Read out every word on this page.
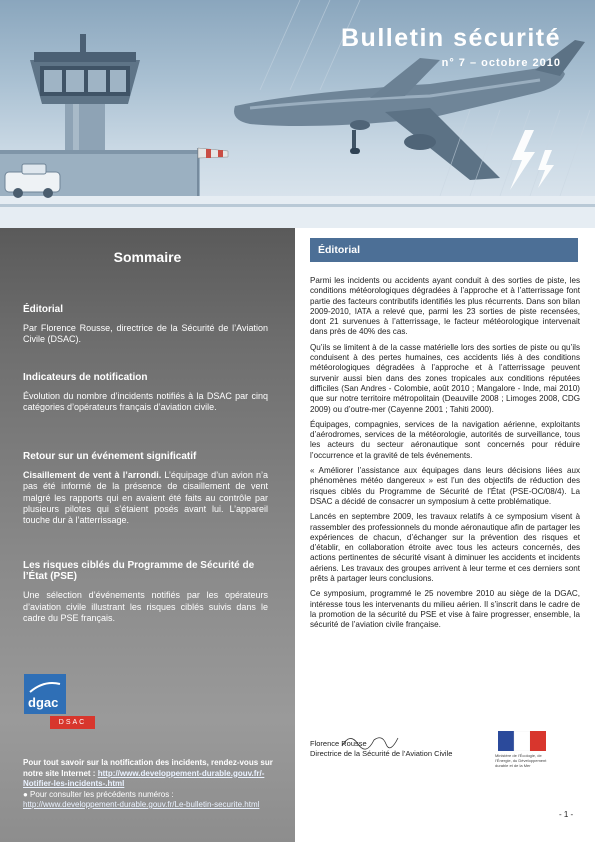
Bulletin sécurité
n° 7 – octobre 2010
Sommaire
Éditorial

Par Florence Rousse, directrice de la Sécurité de l’Aviation Civile (DSAC).

Indicateurs de notification

Évolution du nombre d’incidents notifiés à la DSAC par cinq catégories d’opérateurs français d’aviation civile.

Retour sur un événement significatif

Cisaillement de vent à l’arrondi. L’équipage d’un avion n’a pas été informé de la présence de cisaillement de vent malgré les rapports qui en avaient été faits au contrôle par plusieurs pilotes qui s’étaient posés avant lui. L’appareil touche dur à l’atterrissage.

Les risques ciblés du Programme de Sécurité de l’État (PSE)

Une sélection d’événements notifiés par les opérateurs d’aviation civile illustrant les risques ciblés suivis dans le cadre du PSE français.

dgac
DSAC
Pour tout savoir sur la notification des incidents, rendez-vous sur notre site Internet : http://www.developpement-durable.gouv.fr/-Notifier-les-incidents-.html
● Pour consulter les précédents numéros :
http://www.developpement-durable.gouv.fr/Le-bulletin-securite.html
Éditorial

Parmi les incidents ou accidents ayant conduit à des sorties de piste, les conditions météorologiques dégradées à l’approche et à l’atterrissage font partie des facteurs contributifs identifiés les plus récurrents. Dans son bilan 2009-2010, IATA a relevé que, parmi les 23 sorties de piste recensées, dont 21 survenues à l’atterrissage, le facteur météorologique intervenait dans près de 40% des cas.

Qu’ils se limitent à de la casse matérielle lors des sorties de piste ou qu’ils conduisent à des pertes humaines, ces accidents liés à des conditions météorologiques dégradées à l’approche et à l’atterrissage peuvent survenir aussi bien dans des zones tropicales aux conditions réputées difficiles (San Andres - Colombie, août 2010 ; Mangalore - Inde, mai 2010) que sur notre territoire métropolitain (Deauville 2008 ; Limoges 2008, CDG 2009) ou d’outre-mer (Cayenne 2001 ; Tahiti 2000).

Équipages, compagnies, services de la navigation aérienne, exploitants d’aérodromes, services de la météorologie, autorités de surveillance, tous les acteurs du secteur aéronautique sont concernés pour réduire l’occurrence et la gravité de tels événements.

« Améliorer l’assistance aux équipages dans leurs décisions liées aux phénomènes météo dangereux » est l’un des objectifs de réduction des risques ciblés du Programme de Sécurité de l’État (PSE-OC/08/4). La DSAC a décidé de consacrer un symposium à cette problématique.

Lancés en septembre 2009, les travaux relatifs à ce symposium visent à rassembler des professionnels du monde aéronautique afin de partager les expériences de chacun, d’échanger sur la prévention des risques et d’établir, en collaboration étroite avec tous les acteurs concernés, des actions pertinentes de sécurité visant à diminuer les accidents et incidents aériens. Les travaux des groupes arrivent à leur terme et ces derniers sont prêts à partager leurs conclusions.

Ce symposium, programmé le 25 novembre 2010 au siège de la DGAC, intéresse tous les intervenants du milieu aérien. Il s’inscrit dans le cadre de la promotion de la sécurité du PSE et vise à faire progresser, ensemble, la sécurité de l’aviation civile française.

Florence Rousse
Directrice de la Sécurité de l’Aviation Civile	Ministère de l’Écologie, de l’Énergie, du Développement durable et de la Mer
- 1 -
